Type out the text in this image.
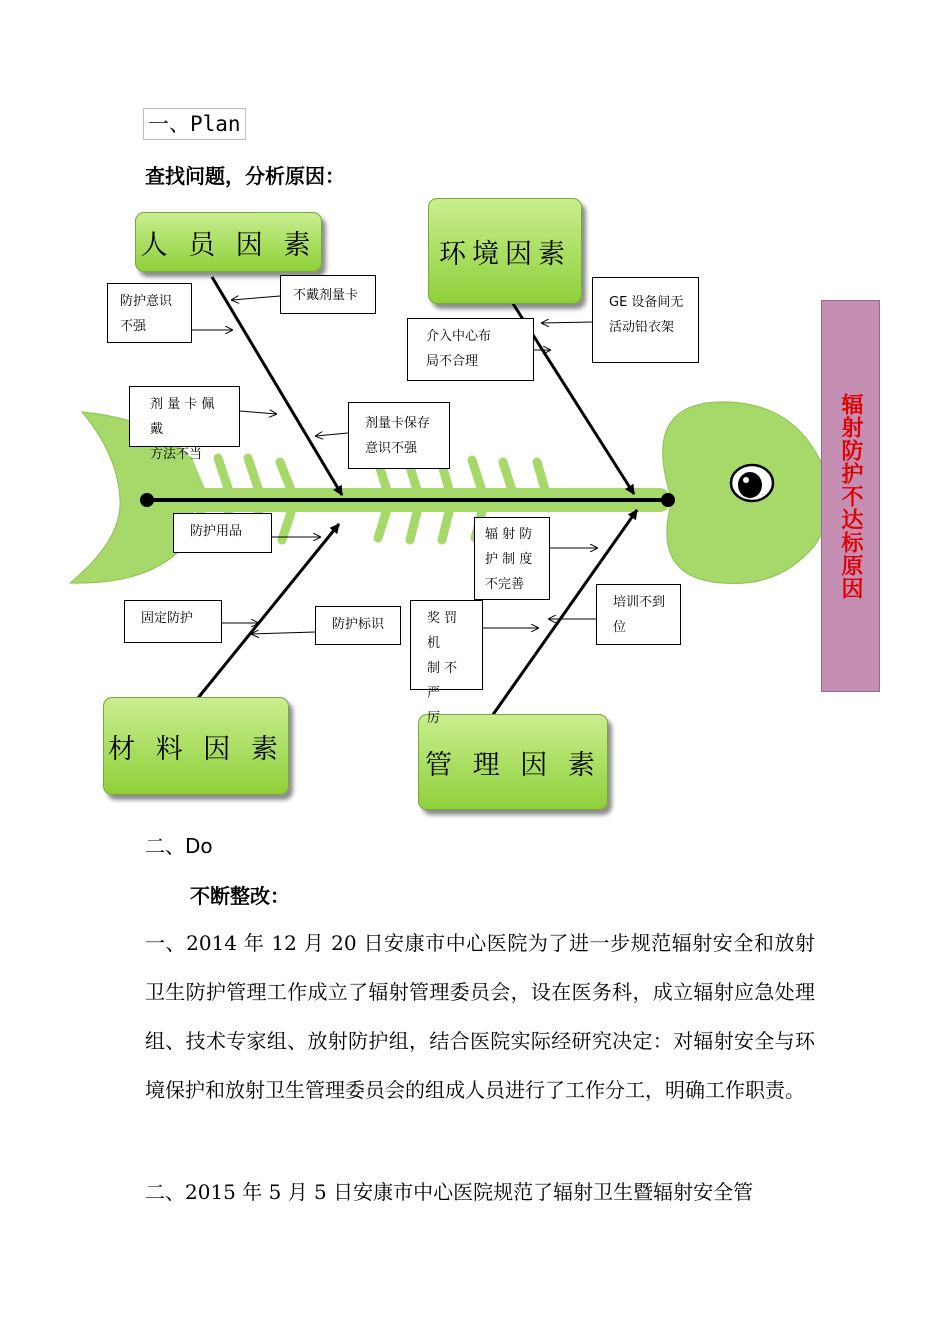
一、Plan
查找问题，分析原因：
人 员 因 素	环境因素
材 料 因 素
管 理 因 素
不戴剂量卡
防护意识
不强
剂 量 卡 佩 戴
方法不当
剂量卡保存
意识不强
GE 设备间无
活动铅衣架
介入中心布
局不合理
防护用品
固定防护	防护标识
辐 射 防
护 制 度
不完善
培训不到
位
奖 罚 机
制 不 严
厉
辐射防护不达标原因
二、Do
不断整改：
一、2014 年 12 月 20 日安康市中心医院为了进一步规范辐射安全和放射卫生防护管理工作成立了辐射管理委员会，设在医务科，成立辐射应急处理组、技术专家组、放射防护组，结合医院实际经研究决定：对辐射安全与环境保护和放射卫生管理委员会的组成人员进行了工作分工，明确工作职责。
二、2015 年 5 月 5 日安康市中心医院规范了辐射卫生暨辐射安全管
